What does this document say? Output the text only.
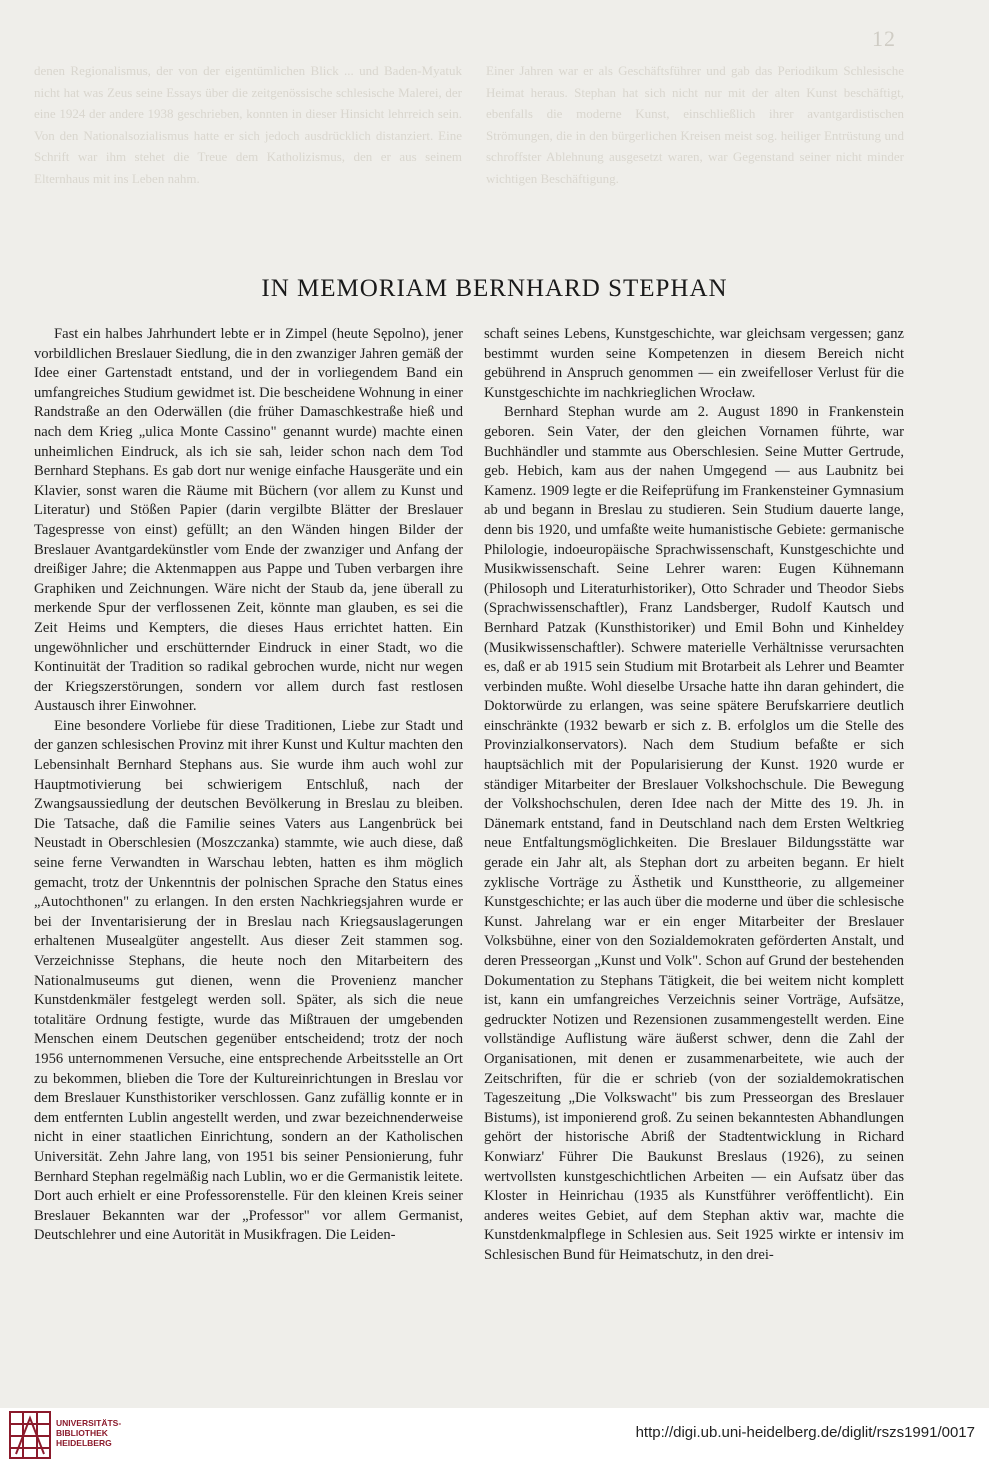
12
denen Regionalismus, der von der eigentümlichen Blick ... und Baden-Myatuk nicht hat was Zeus seine Essays über die zeitgenössische schlesische Malerei, der eine 1924 der andere 1938 geschrieben, konnten in dieser Hinsicht lehrreich sein. Von den Nationalsozialismus hatte er sich jedoch ausdrücklich distanziert. Eine Schrift war ihm stehet die Treue dem Katholizismus, den er aus seinem Elternhaus mit ins Leben nahm.
Einer Jahren war er als Geschäftsführer und gab das Periodikum Schlesische Heimat heraus. Stephan hat sich nicht nur mit der alten Kunst beschäftigt, ebenfalls die moderne Kunst, einschließlich ihrer avantgardistischen Strömungen, die in den bürgerlichen Kreisen meist sog. heiliger Entrüstung und schroffster Ablehnung ausgesetzt waren, war Gegenstand seiner nicht minder wichtigen Beschäftigung.
IN MEMORIAM BERNHARD STEPHAN

Fast ein halbes Jahrhundert lebte er in Zimpel (heute Sępolno), jener vorbildlichen Breslauer Siedlung, die in den zwanziger Jahren gemäß der Idee einer Gartenstadt entstand, und der in vorliegendem Band ein umfangreiches Studium gewidmet ist. Die bescheidene Wohnung in einer Randstraße an den Oderwällen (die früher Damaschkestraße hieß und nach dem Krieg „ulica Monte Cassino" genannt wurde) machte einen unheimlichen Eindruck, als ich sie sah, leider schon nach dem Tod Bernhard Stephans. Es gab dort nur wenige einfache Hausgeräte und ein Klavier, sonst waren die Räume mit Büchern (vor allem zu Kunst und Literatur) und Stößen Papier (darin vergilbte Blätter der Breslauer Tagespresse von einst) gefüllt; an den Wänden hingen Bilder der Breslauer Avantgardekünstler vom Ende der zwanziger und Anfang der dreißiger Jahre; die Aktenmappen aus Pappe und Tuben verbargen ihre Graphiken und Zeichnungen. Wäre nicht der Staub da, jene überall zu merkende Spur der verflossenen Zeit, könnte man glauben, es sei die Zeit Heims und Kempters, die dieses Haus errichtet hatten. Ein ungewöhnlicher und erschütternder Eindruck in einer Stadt, wo die Kontinuität der Tradition so radikal gebrochen wurde, nicht nur wegen der Kriegszerstörungen, sondern vor allem durch fast restlosen Austausch ihrer Einwohner.

Eine besondere Vorliebe für diese Traditionen, Liebe zur Stadt und der ganzen schlesischen Provinz mit ihrer Kunst und Kultur machten den Lebensinhalt Bernhard Stephans aus. Sie wurde ihm auch wohl zur Hauptmotivierung bei schwierigem Entschluß, nach der Zwangsaussiedlung der deutschen Bevölkerung in Breslau zu bleiben. Die Tatsache, daß die Familie seines Vaters aus Langenbrück bei Neustadt in Oberschlesien (Moszczanka) stammte, wie auch diese, daß seine ferne Verwandten in Warschau lebten, hatten es ihm möglich gemacht, trotz der Unkenntnis der polnischen Sprache den Status eines „Autochthonen" zu erlangen. In den ersten Nachkriegsjahren wurde er bei der Inventarisierung der in Breslau nach Kriegsauslagerungen erhaltenen Musealgüter angestellt. Aus dieser Zeit stammen sog. Verzeichnisse Stephans, die heute noch den Mitarbeitern des Nationalmuseums gut dienen, wenn die Provenienz mancher Kunstdenkmäler festgelegt werden soll. Später, als sich die neue totalitäre Ordnung festigte, wurde das Mißtrauen der umgebenden Menschen einem Deutschen gegenüber entscheidend; trotz der noch 1956 unternommenen Versuche, eine entsprechende Arbeitsstelle an Ort zu bekommen, blieben die Tore der Kultureinrichtungen in Breslau vor dem Breslauer Kunsthistoriker verschlossen. Ganz zufällig konnte er in dem entfernten Lublin angestellt werden, und zwar bezeichnenderweise nicht in einer staatlichen Einrichtung, sondern an der Katholischen Universität. Zehn Jahre lang, von 1951 bis seiner Pensionierung, fuhr Bernhard Stephan regelmäßig nach Lublin, wo er die Germanistik leitete. Dort auch erhielt er eine Professorenstelle. Für den kleinen Kreis seiner Breslauer Bekannten war der „Professor" vor allem Germanist, Deutschlehrer und eine Autorität in Musikfragen. Die Leiden-

schaft seines Lebens, Kunstgeschichte, war gleichsam vergessen; ganz bestimmt wurden seine Kompetenzen in diesem Bereich nicht gebührend in Anspruch genommen — ein zweifelloser Verlust für die Kunstgeschichte im nachkrieglichen Wrocław.

Bernhard Stephan wurde am 2. August 1890 in Frankenstein geboren. Sein Vater, der den gleichen Vornamen führte, war Buchhändler und stammte aus Oberschlesien. Seine Mutter Gertrude, geb. Hebich, kam aus der nahen Umgegend — aus Laubnitz bei Kamenz. 1909 legte er die Reifeprüfung im Frankensteiner Gymnasium ab und begann in Breslau zu studieren. Sein Studium dauerte lange, denn bis 1920, und umfaßte weite humanistische Gebiete: germanische Philologie, indoeuropäische Sprachwissenschaft, Kunstgeschichte und Musikwissenschaft. Seine Lehrer waren: Eugen Kühnemann (Philosoph und Literaturhistoriker), Otto Schrader und Theodor Siebs (Sprachwissenschaftler), Franz Landsberger, Rudolf Kautsch und Bernhard Patzak (Kunsthistoriker) und Emil Bohn und Kinheldey (Musikwissenschaftler). Schwere materielle Verhältnisse verursachten es, daß er ab 1915 sein Studium mit Brotarbeit als Lehrer und Beamter verbinden mußte. Wohl dieselbe Ursache hatte ihn daran gehindert, die Doktorwürde zu erlangen, was seine spätere Berufskarriere deutlich einschränkte (1932 bewarb er sich z. B. erfolglos um die Stelle des Provinzialkonservators). Nach dem Studium befaßte er sich hauptsächlich mit der Popularisierung der Kunst. 1920 wurde er ständiger Mitarbeiter der Breslauer Volkshochschule. Die Bewegung der Volkshochschulen, deren Idee nach der Mitte des 19. Jh. in Dänemark entstand, fand in Deutschland nach dem Ersten Weltkrieg neue Entfaltungsmöglichkeiten. Die Breslauer Bildungsstätte war gerade ein Jahr alt, als Stephan dort zu arbeiten begann. Er hielt zyklische Vorträge zu Ästhetik und Kunsttheorie, zu allgemeiner Kunstgeschichte; er las auch über die moderne und über die schlesische Kunst. Jahrelang war er ein enger Mitarbeiter der Breslauer Volksbühne, einer von den Sozialdemokraten geförderten Anstalt, und deren Presseorgan „Kunst und Volk". Schon auf Grund der bestehenden Dokumentation zu Stephans Tätigkeit, die bei weitem nicht komplett ist, kann ein umfangreiches Verzeichnis seiner Vorträge, Aufsätze, gedruckter Notizen und Rezensionen zusammengestellt werden. Eine vollständige Auflistung wäre äußerst schwer, denn die Zahl der Organisationen, mit denen er zusammenarbeitete, wie auch der Zeitschriften, für die er schrieb (von der sozialdemokratischen Tageszeitung „Die Volkswacht" bis zum Presseorgan des Breslauer Bistums), ist imponierend groß. Zu seinen bekanntesten Abhandlungen gehört der historische Abriß der Stadtentwicklung in Richard Konwiarz' Führer Die Baukunst Breslaus (1926), zu seinen wertvollsten kunstgeschichtlichen Arbeiten — ein Aufsatz über das Kloster in Heinrichau (1935 als Kunstführer veröffentlicht). Ein anderes weites Gebiet, auf dem Stephan aktiv war, machte die Kunstdenkmalpflege in Schlesien aus. Seit 1925 wirkte er intensiv im Schlesischen Bund für Heimatschutz, in den drei-

UNIVERSITÄTS-
BIBLIOTHEK
HEIDELBERG
http://digi.ub.uni-heidelberg.de/diglit/rszs1991/0017
